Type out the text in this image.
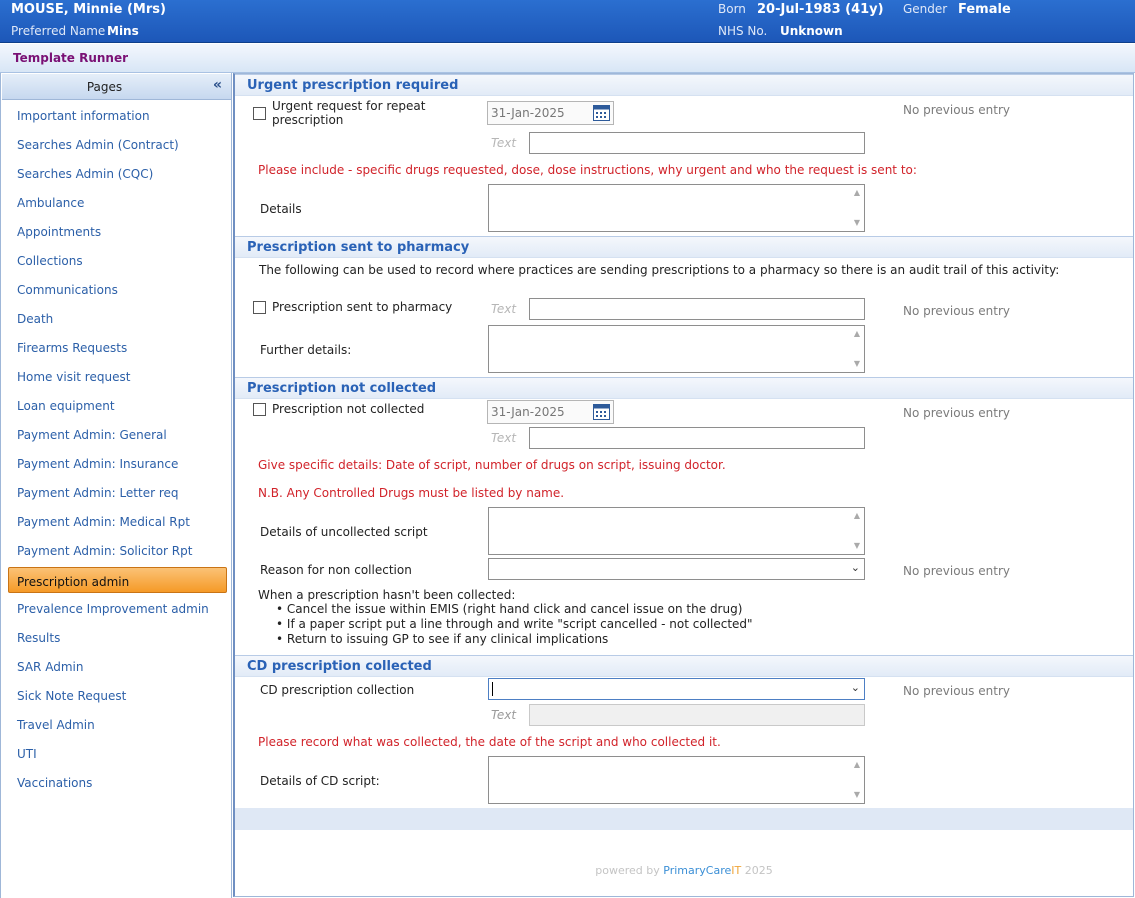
MOUSE, Minnie (Mrs)
Preferred Name Mins
Born 20-Jul-1983 (41y) Gender Female
NHS No. Unknown
Template Runner
Pages	«
Important information
Searches Admin (Contract)
Searches Admin (CQC)
Ambulance
Appointments
Collections
Communications
Death
Firearms Requests
Home visit request
Loan equipment
Payment Admin: General
Payment Admin: Insurance
Payment Admin: Letter req
Payment Admin: Medical Rpt
Payment Admin: Solicitor Rpt
Prescription admin
Prevalence Improvement admin
Results
SAR Admin
Sick Note Request
Travel Admin
UTI
Vaccinations
Urgent prescription required
Urgent request for repeat
prescription	31-Jan-2025	No previous entry
Text
Please include - specific drugs requested, dose, dose instructions, why urgent and who the request is sent to:
Details
▲
▼
Prescription sent to pharmacy
The following can be used to record where practices are sending prescriptions to a pharmacy so there is an audit trail of this activity:
Prescription sent to pharmacy	Text	No previous entry
Further details:
▲
▼
Prescription not collected
Prescription not collected	31-Jan-2025	No previous entry
Text
Give specific details: Date of script, number of drugs on script, issuing doctor.
N.B. Any Controlled Drugs must be listed by name.
Details of uncollected script
▲
▼
Reason for non collection	⌄	No previous entry
When a prescription hasn't been collected:
• Cancel the issue within EMIS (right hand click and cancel issue on the drug)
• If a paper script put a line through and write "script cancelled - not collected"
• Return to issuing GP to see if any clinical implications
CD prescription collected
CD prescription collection	⌄	No previous entry
Text
Please record what was collected, the date of the script and who collected it.
Details of CD script:
▲
▼
powered by PrimaryCareIT 2025
